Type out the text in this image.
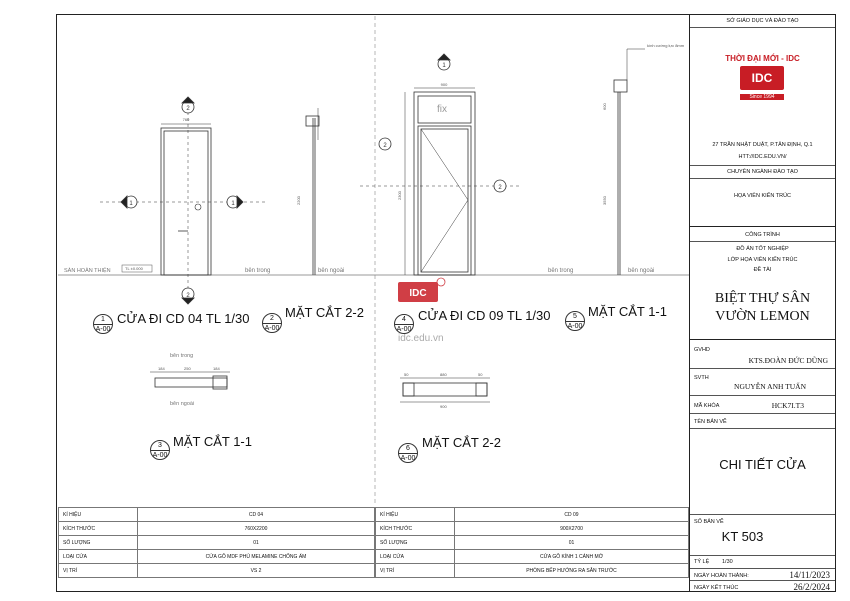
2
2
1	1
760
TL ±0.000
SÀN HOÀN THIỆN
2200
bên trong	bên ngoài
fix
900
2300
1
2
2
kính cường lực 8mm
3550
600
bên trong	bên ngoài
184	250	184
bên trong
bên ngoài
880
900
50	50
IDC
idc.edu.vn
CỬA ĐI CD 04 TL 1/30
1
A-00
MẶT CẮT 2-2
2
A-00
CỬA ĐI CD 09 TL 1/30
4
A-00
MẶT CẮT 1-1
5
A-00
MẶT CẮT 1-1
3
A-00
MẶT CẮT 2-2
6
A-00
KÍ HIỆU	CD 04
KÍCH THƯỚC	760X2200
SỐ LƯỢNG	01
LOẠI CỬA	CỬA GỖ MDF PHỦ MELAMINE CHỐNG ẨM
VỊ TRÍ	VS 2
KÍ HIỆU	CD 09
KÍCH THƯỚC	900X2700
SỐ LƯỢNG	01
LOẠI CỬA	CỬA GỖ KÍNH 1 CÁNH MỞ
VỊ TRÍ	PHÒNG BẾP HƯỚNG RA SÂN TRƯỚC
SỞ GIÁO DỤC VÀ ĐÀO TẠO
THỜI ĐẠI MỚI - IDC
IDC
Since 1994
27 TRẦN NHẬT DUẬT, P.TÂN ĐỊNH, Q.1
HTT://IDC.EDU.VN/
CHUYÊN NGÀNH ĐÀO TẠO
HỌA VIÊN KIẾN TRÚC
CÔNG TRÌNH
ĐỒ ÁN TỐT NGHIỆP
LỚP HỌA VIÊN KIẾN TRÚC
ĐỀ TÀI
BIỆT THỰ SÂN VƯỜN LEMON
GVHD
KTS.ĐOÀN ĐỨC DŨNG
SVTH
NGUYỄN ANH TUẤN
MÃ KHÓA	HCK7I.T3
TÊN BẢN VẼ
CHI TIẾT CỬA
SỐ BẢN VẼ
KT 503
TỶ LỆ 1/30
NGÀY HOÀN THÀNH:	14/11/2023
NGÀY KẾT THÚC	26/2/2024
